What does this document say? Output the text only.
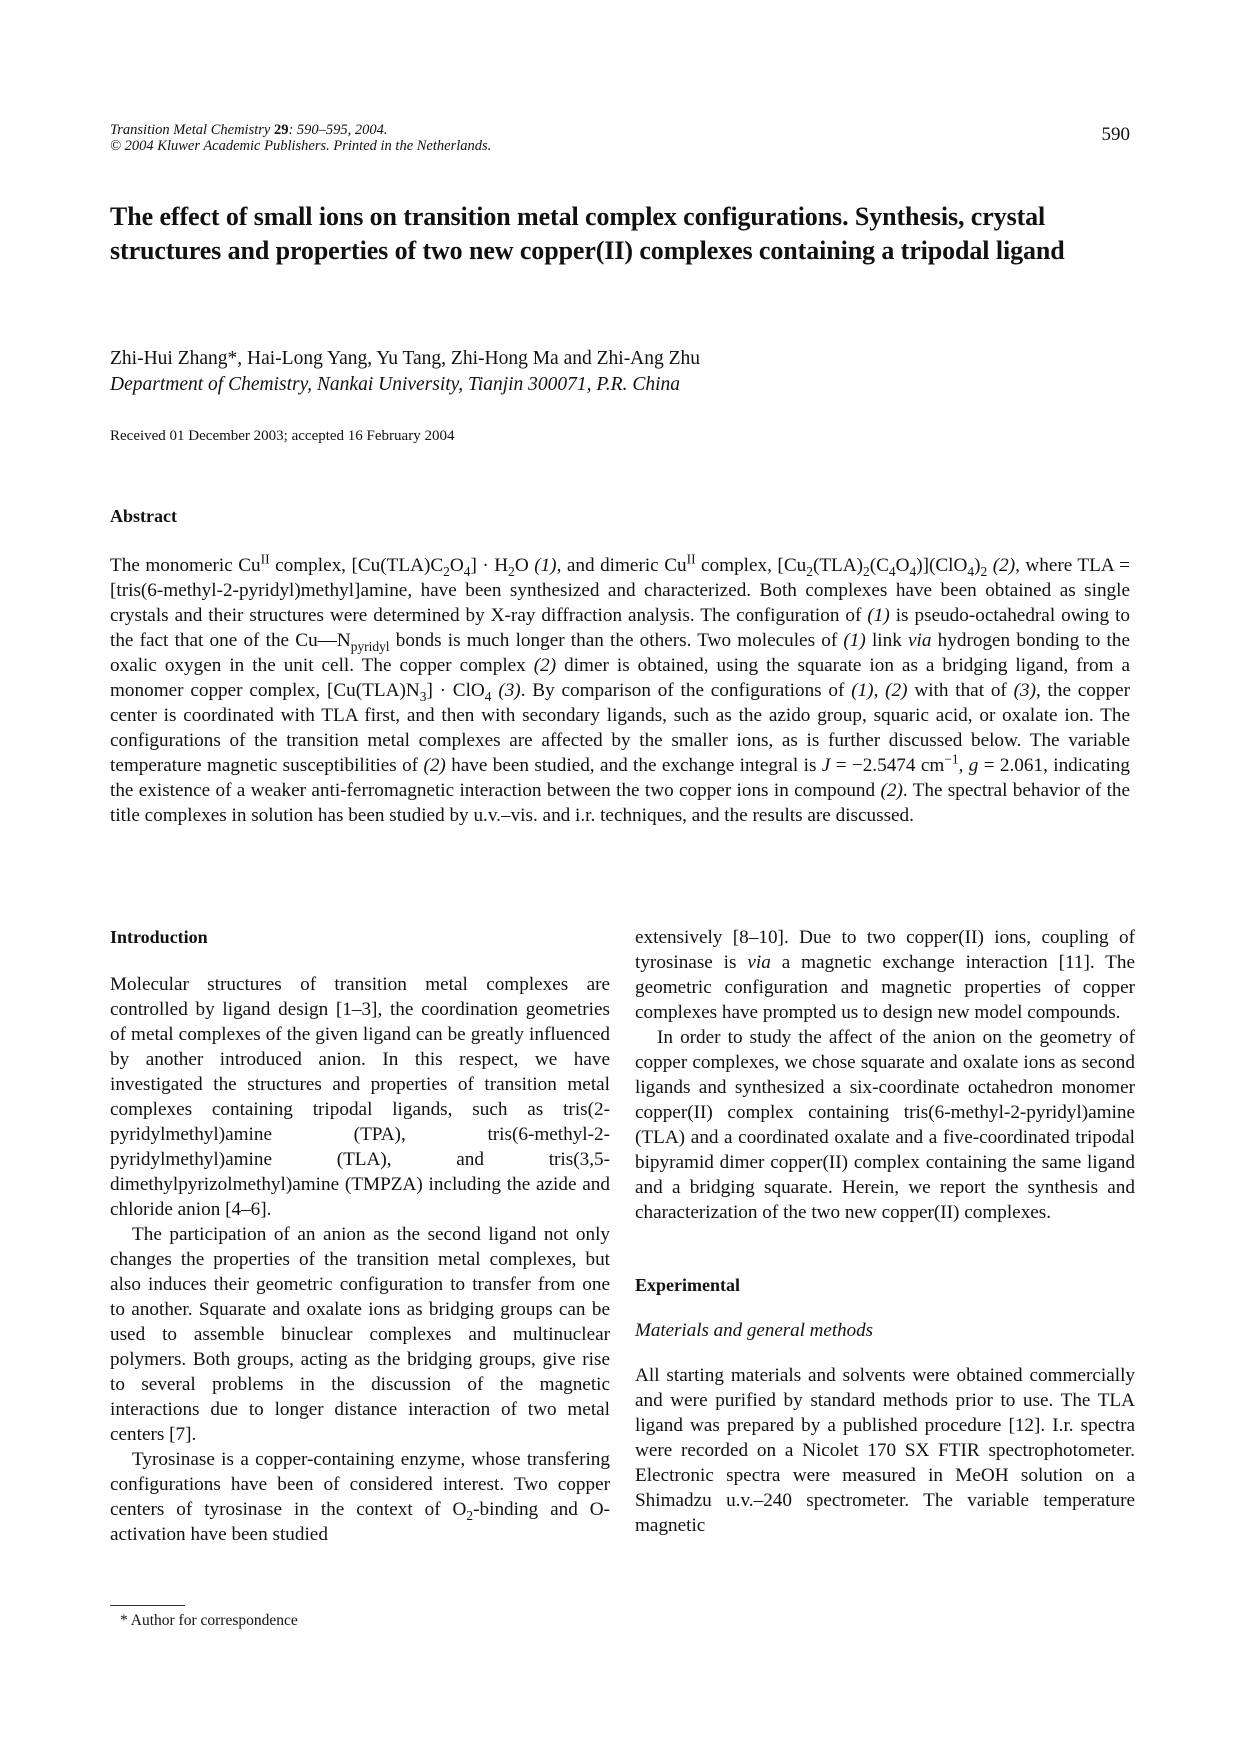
Transition Metal Chemistry 29: 590–595, 2004.
© 2004 Kluwer Academic Publishers. Printed in the Netherlands.
590
The effect of small ions on transition metal complex configurations. Synthesis, crystal structures and properties of two new copper(II) complexes containing a tripodal ligand
Zhi-Hui Zhang*, Hai-Long Yang, Yu Tang, Zhi-Hong Ma and Zhi-Ang Zhu
Department of Chemistry, Nankai University, Tianjin 300071, P.R. China
Received 01 December 2003; accepted 16 February 2004
Abstract
The monomeric $Cu^{II}$ complex, $[Cu(TLA)C_2O_4] \cdot H_2O$ (1), and dimeric $Cu^{II}$ complex, $[Cu_2(TLA)_2(C_4O_4)](ClO_4)_2$ (2), where TLA = [tris(6-methyl-2-pyridyl)methyl]amine, have been synthesized and characterized. Both complexes have been obtained as single crystals and their structures were determined by X-ray diffraction analysis. The configuration of (1) is pseudo-octahedral owing to the fact that one of the $Cu—N_{pyridyl}$ bonds is much longer than the others. Two molecules of (1) link via hydrogen bonding to the oxalic oxygen in the unit cell. The copper complex (2) dimer is obtained, using the squarate ion as a bridging ligand, from a monomer copper complex, $[Cu(TLA)N_3] \cdot ClO_4$ (3). By comparison of the configurations of (1), (2) with that of (3), the copper center is coordinated with TLA first, and then with secondary ligands, such as the azido group, squaric acid, or oxalate ion. The configurations of the transition metal complexes are affected by the smaller ions, as is further discussed below. The variable temperature magnetic susceptibilities of (2) have been studied, and the exchange integral is J = −2.5474 $cm^{-1}$, g = 2.061, indicating the existence of a weaker anti-ferromagnetic interaction between the two copper ions in compound (2). The spectral behavior of the title complexes in solution has been studied by u.v.–vis. and i.r. techniques, and the results are discussed.

Introduction

Molecular structures of transition metal complexes are controlled by ligand design [1–3], the coordination geometries of metal complexes of the given ligand can be greatly influenced by another introduced anion. In this respect, we have investigated the structures and properties of transition metal complexes containing tripodal ligands, such as tris(2-pyridylmethyl)amine (TPA), tris(6-methyl-2-pyridylmethyl)amine (TLA), and tris(3,5-dimethylpyrizolmethyl)amine (TMPZA) including the azide and chloride anion [4–6].

The participation of an anion as the second ligand not only changes the properties of the transition metal complexes, but also induces their geometric configuration to transfer from one to another. Squarate and oxalate ions as bridging groups can be used to assemble binuclear complexes and multinuclear polymers. Both groups, acting as the bridging groups, give rise to several problems in the discussion of the magnetic interactions due to longer distance interaction of two metal centers [7].

Tyrosinase is a copper-containing enzyme, whose transfering configurations have been of considered interest. Two copper centers of tyrosinase in the context of $O_2$-binding and O-activation have been studied

extensively [8–10]. Due to two copper(II) ions, coupling of tyrosinase is via a magnetic exchange interaction [11]. The geometric configuration and magnetic properties of copper complexes have prompted us to design new model compounds.

In order to study the affect of the anion on the geometry of copper complexes, we chose squarate and oxalate ions as second ligands and synthesized a six-coordinate octahedron monomer copper(II) complex containing tris(6-methyl-2-pyridyl)amine (TLA) and a coordinated oxalate and a five-coordinated tripodal bipyramid dimer copper(II) complex containing the same ligand and a bridging squarate. Herein, we report the synthesis and characterization of the two new copper(II) complexes.

Experimental

Materials and general methods

All starting materials and solvents were obtained commercially and were purified by standard methods prior to use. The TLA ligand was prepared by a published procedure [12]. I.r. spectra were recorded on a Nicolet 170 SX FTIR spectrophotometer. Electronic spectra were measured in MeOH solution on a Shimadzu u.v.–240 spectrometer. The variable temperature magnetic

* Author for correspondence
